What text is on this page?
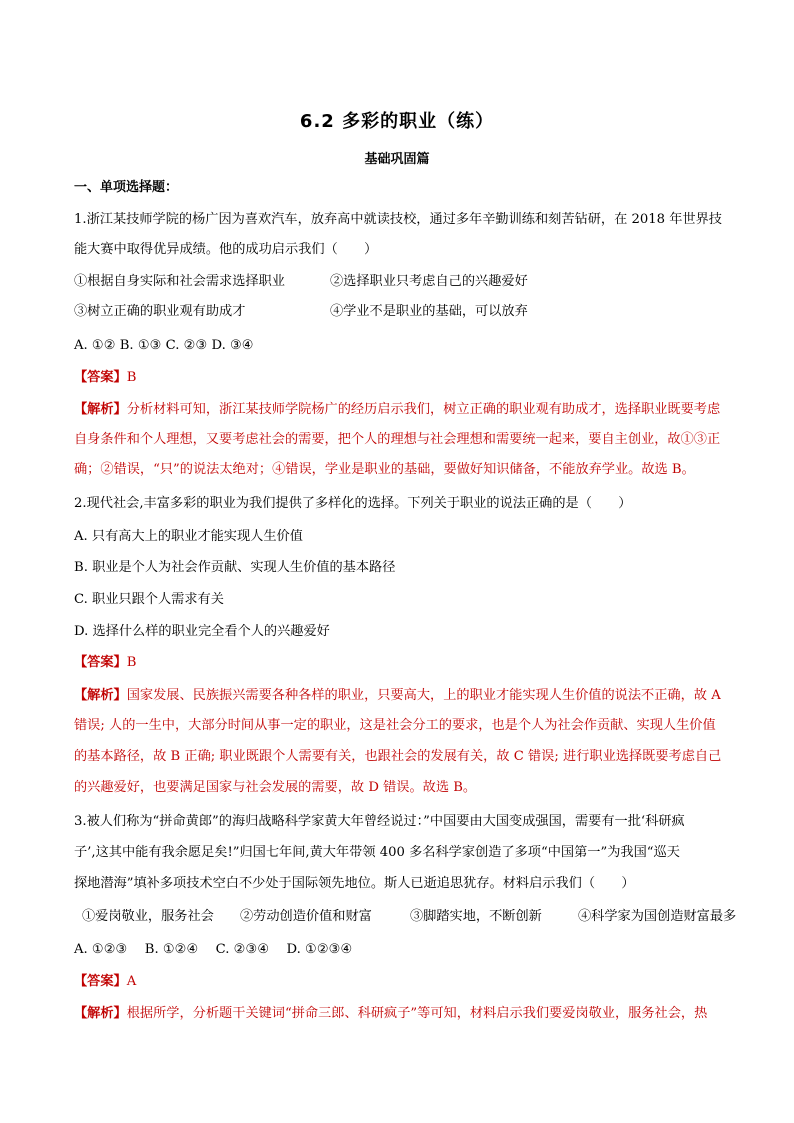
6.2 多彩的职业（练）
基础巩固篇
一、单项选择题：
1.浙江某技师学院的杨广因为喜欢汽车，放弃高中就读技校，通过多年辛勤训练和刻苦钻研，在 2018 年世界技
能大赛中取得优异成绩。他的成功启示我们（　　）
①根据自身实际和社会需求选择职业	②选择职业只考虑自己的兴趣爱好
③树立正确的职业观有助成才	④学业不是职业的基础，可以放弃
A. ①② B. ①③ C. ②③ D. ③④
【答案】B
【解析】分析材料可知，浙江某技师学院杨广的经历启示我们，树立正确的职业观有助成才，选择职业既要考虑
自身条件和个人理想，又要考虑社会的需要，把个人的理想与社会理想和需要统一起来，要自主创业，故①③正
确；②错误，“只”的说法太绝对；④错误，学业是职业的基础，要做好知识储备，不能放弃学业。故选 B。
2.现代社会,丰富多彩的职业为我们提供了多样化的选择。下列关于职业的说法正确的是（　　）
A. 只有高大上的职业才能实现人生价值
B. 职业是个人为社会作贡献、实现人生价值的基本路径
C. 职业只跟个人需求有关
D. 选择什么样的职业完全看个人的兴趣爱好
【答案】B
【解析】国家发展、民族振兴需要各种各样的职业，只要高大，上的职业才能实现人生价值的说法不正确，故 A
错误; 人的一生中，大部分时间从事一定的职业，这是社会分工的要求，也是个人为社会作贡献、实现人生价值
的基本路径，故 B 正确; 职业既跟个人需要有关，也跟社会的发展有关，故 C 错误; 进行职业选择既要考虑自己
的兴趣爱好，也要满足国家与社会发展的需要，故 D 错误。故选 B。
3.被人们称为“拼命黄郎”的海归战略科学家黄大年曾经说过：”中国要由大国变成强国，需要有一批‘科研疯
子’,这其中能有我余愿足矣!”归国七年间,黄大年带领 400 多名科学家创造了多项“中国第一”为我国“巡天
探地潜海”填补多项技术空白不少处于国际领先地位。斯人已逝追思犹存。材料启示我们（　　）
①爱岗敬业，服务社会 ②劳动创造价值和财富	③脚踏实地，不断创新	④科学家为国创造财富最多
A. ①②③　 B. ①②④　 C. ②③④　 D. ①②③④
【答案】A
【解析】根据所学，分析题干关键词“拼命三郎、科研疯子”等可知，材料启示我们要爱岗敬业，服务社会，热
